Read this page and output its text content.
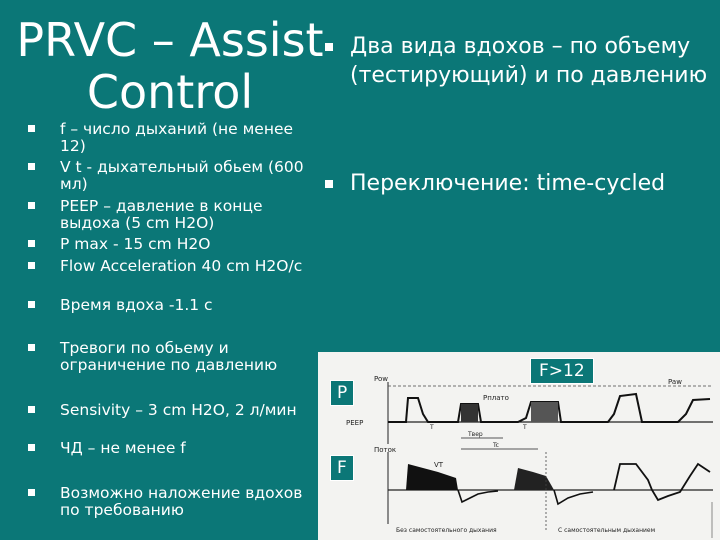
PRVC – Assist
Control
f – число дыханий (не менее 12)
V t - дыхательный обьем (600 мл)
PEEP – давление в конце выдоха (5 cm H2O)
P max - 15 cm H2O
Flow Acceleration 40 cm H2O/c
Время вдоха -1.1 c
Тревоги по обьему и ограничение по давлению
Sensivity – 3 cm H2O, 2 л/мин
ЧД – не менее f
Возможно наложение вдохов по требованию
Два вида вдохов – по объему (тестирующий) и по давлению
Переключение: time-cycled
Pow	Paw
Pплато
PEEP
Tвер
Tc
T	T
Поток
VT
Без самостоятельного дыхания	С самостоятельным дыханием
P
F
F>12
